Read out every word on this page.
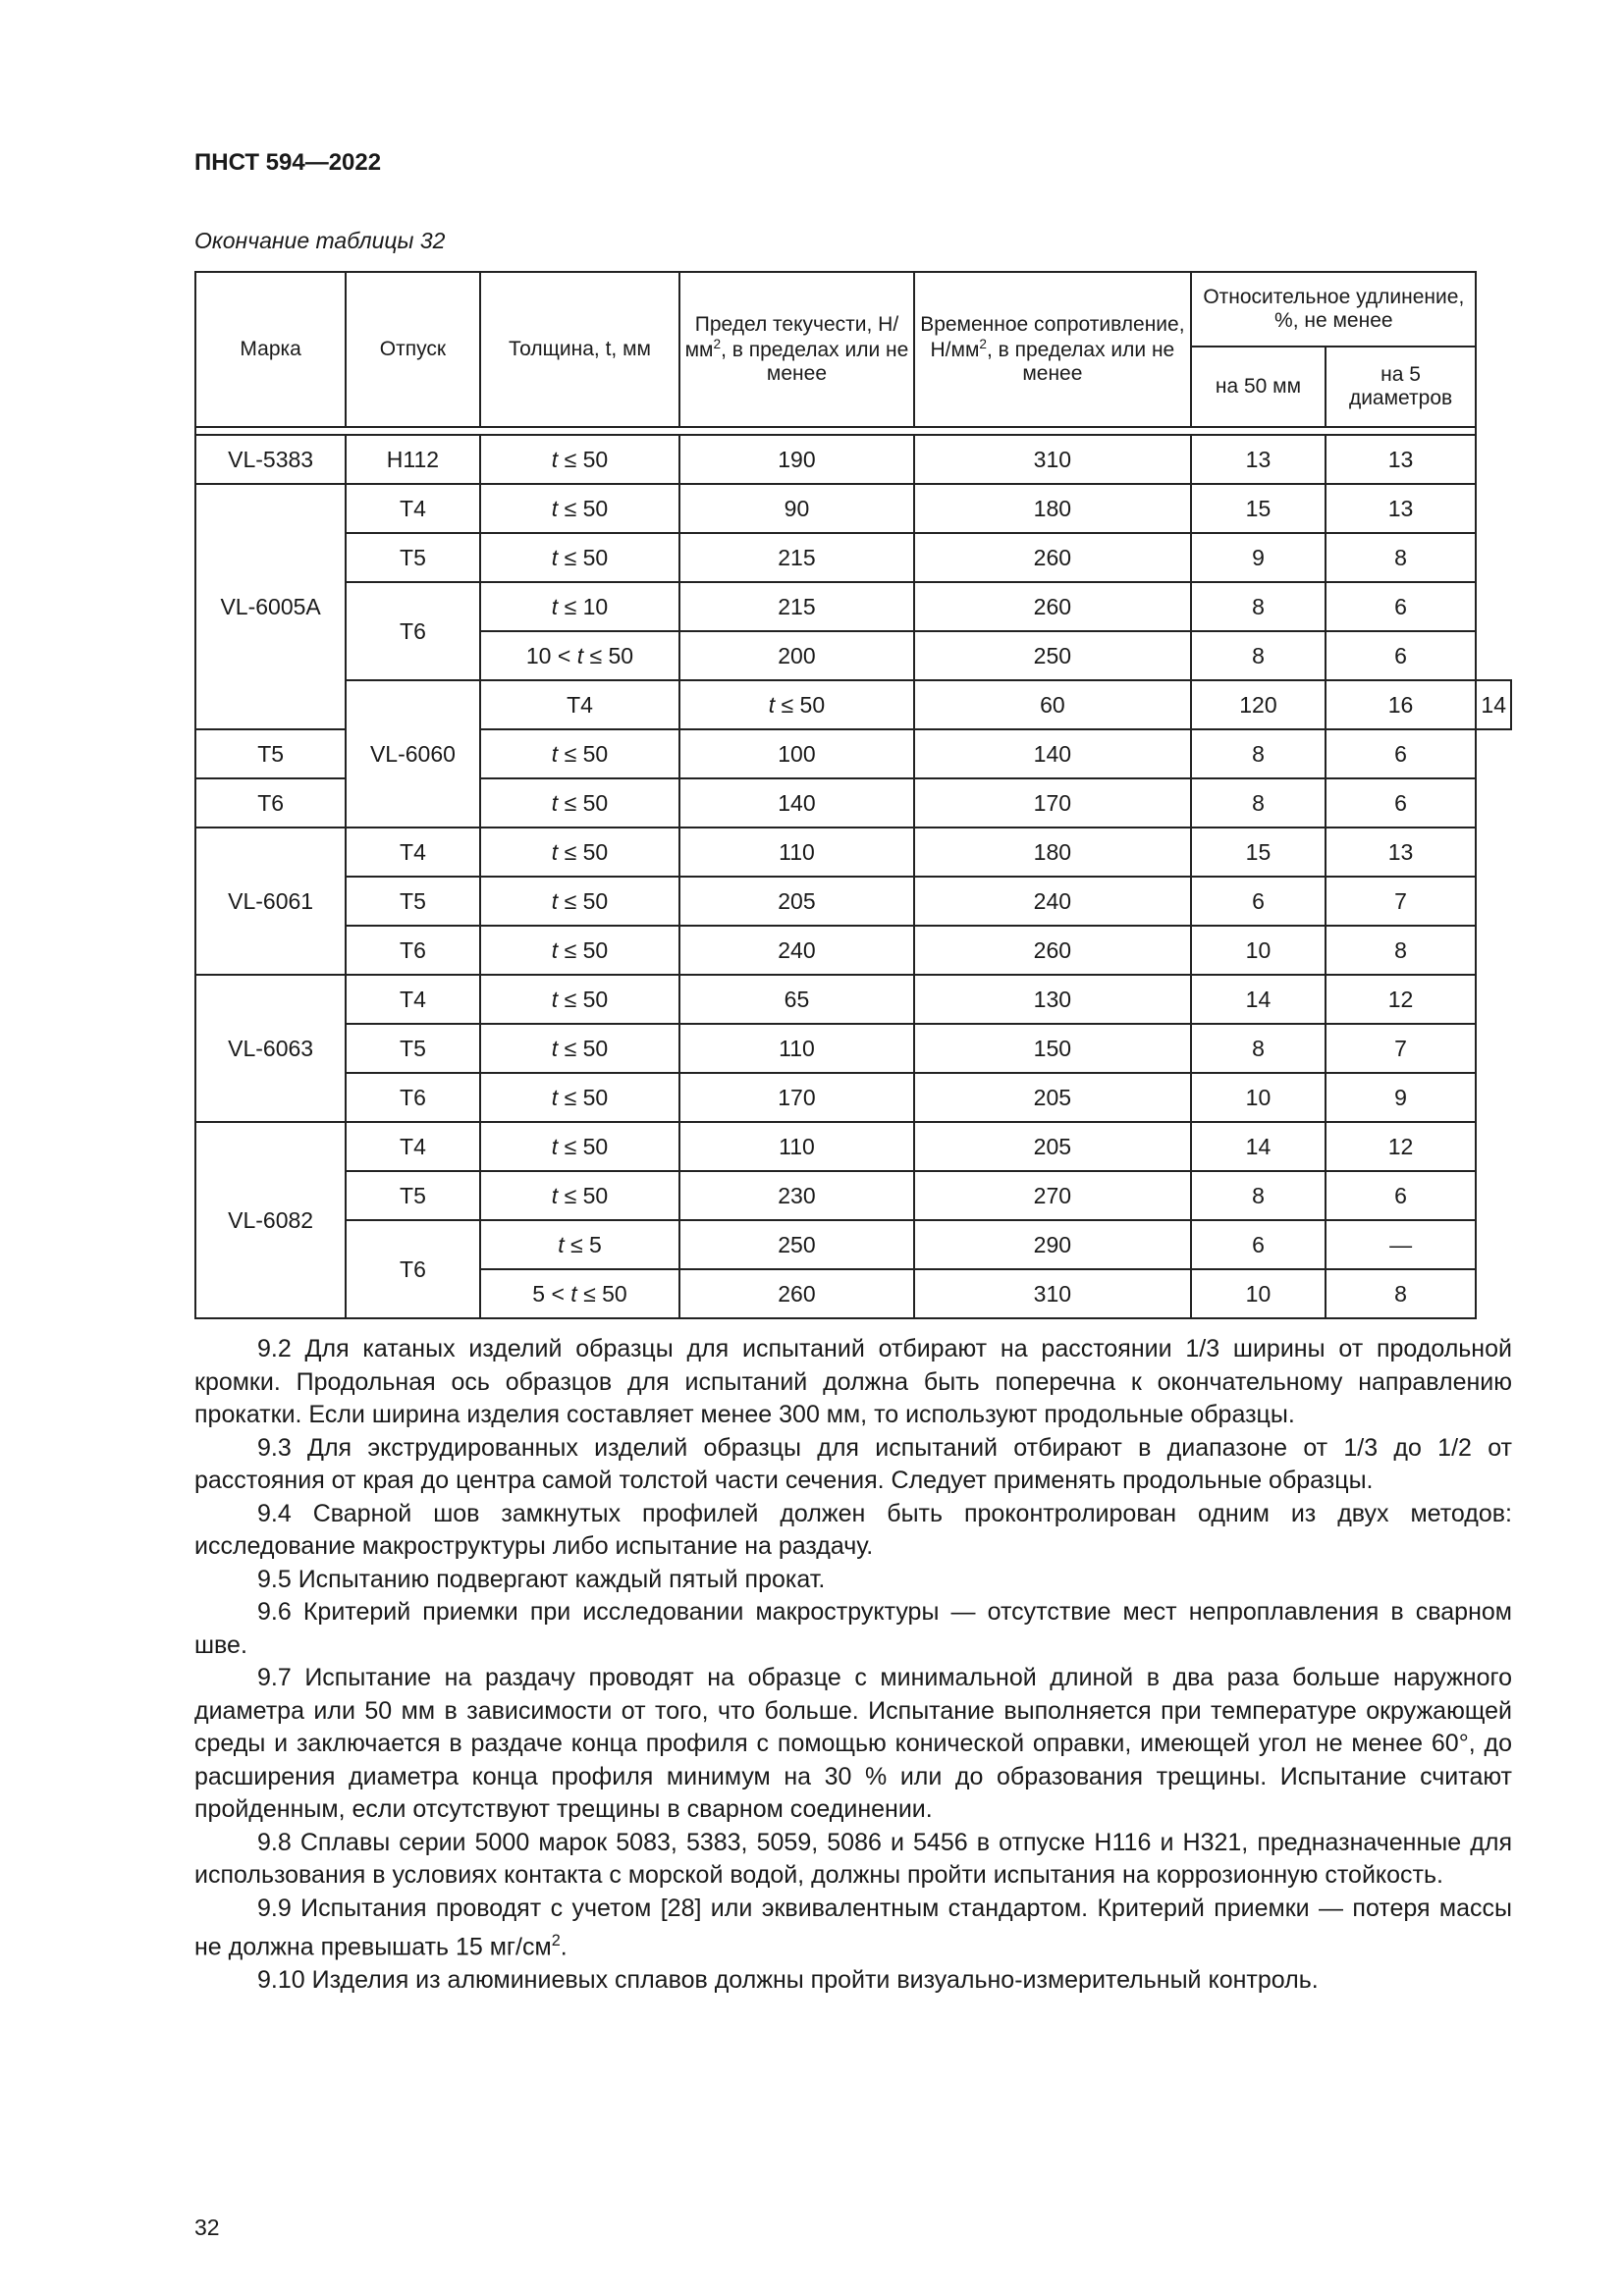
ПНСТ 594—2022
Окончание таблицы 32
Марка	Отпуск	Толщина, t, мм	Предел текучести, $Н/мм^2$, в пределах или не менее	Временное сопротивление, $Н/мм^2$, в пределах или не менее	Относительное удлинение, %, не менее		
					на 50 мм	на 5 диаметров	

VL-5383	H112	t ≤ 50	190	310	13	13	
VL-6005A	T4	t ≤ 50	90	180	15	13	
	T5	t ≤ 50	215	260	9	8	
	T6	t ≤ 10	215	260	8	6	
		10 < t ≤ 50	200	250	8	6	
	VL-6060	T4	t ≤ 50	60	120	16	14
T5		t ≤ 50	100	140	8	6	
T6		t ≤ 50	140	170	8	6	
VL-6061	T4	t ≤ 50	110	180	15	13	
	T5	t ≤ 50	205	240	6	7	
	T6	t ≤ 50	240	260	10	8	
VL-6063	T4	t ≤ 50	65	130	14	12	
	T5	t ≤ 50	110	150	8	7	
	T6	t ≤ 50	170	205	10	9	
VL-6082	T4	t ≤ 50	110	205	14	12	
	T5	t ≤ 50	230	270	8	6	
	T6	t ≤ 5	250	290	6	—	
		5 < t ≤ 50	260	310	10	8	

9.2 Для катаных изделий образцы для испытаний отбирают на расстоянии 1/3 ширины от продольной кромки. Продольная ось образцов для испытаний должна быть поперечна к окончательному направлению прокатки. Если ширина изделия составляет менее 300 мм, то используют продольные образцы.

9.3 Для экструдированных изделий образцы для испытаний отбирают в диапазоне от 1/3 до 1/2 от расстояния от края до центра самой толстой части сечения. Следует применять продольные образцы.

9.4 Сварной шов замкнутых профилей должен быть проконтролирован одним из двух методов: исследование макроструктуры либо испытание на раздачу.

9.5 Испытанию подвергают каждый пятый прокат.

9.6 Критерий приемки при исследовании макроструктуры — отсутствие мест непроплавления в сварном шве.

9.7 Испытание на раздачу проводят на образце с минимальной длиной в два раза больше наружного диаметра или 50 мм в зависимости от того, что больше. Испытание выполняется при температуре окружающей среды и заключается в раздаче конца профиля с помощью конической оправки, имеющей угол не менее 60°, до расширения диаметра конца профиля минимум на 30 % или до образования трещины. Испытание считают пройденным, если отсутствуют трещины в сварном соединении.

9.8 Сплавы серии 5000 марок 5083, 5383, 5059, 5086 и 5456 в отпуске H116 и H321, предназначенные для использования в условиях контакта с морской водой, должны пройти испытания на коррозионную стойкость.

9.9 Испытания проводят с учетом [28] или эквивалентным стандартом. Критерий приемки — потеря массы не должна превышать 15 $мг/см^2$.

9.10 Изделия из алюминиевых сплавов должны пройти визуально-измерительный контроль.

32
